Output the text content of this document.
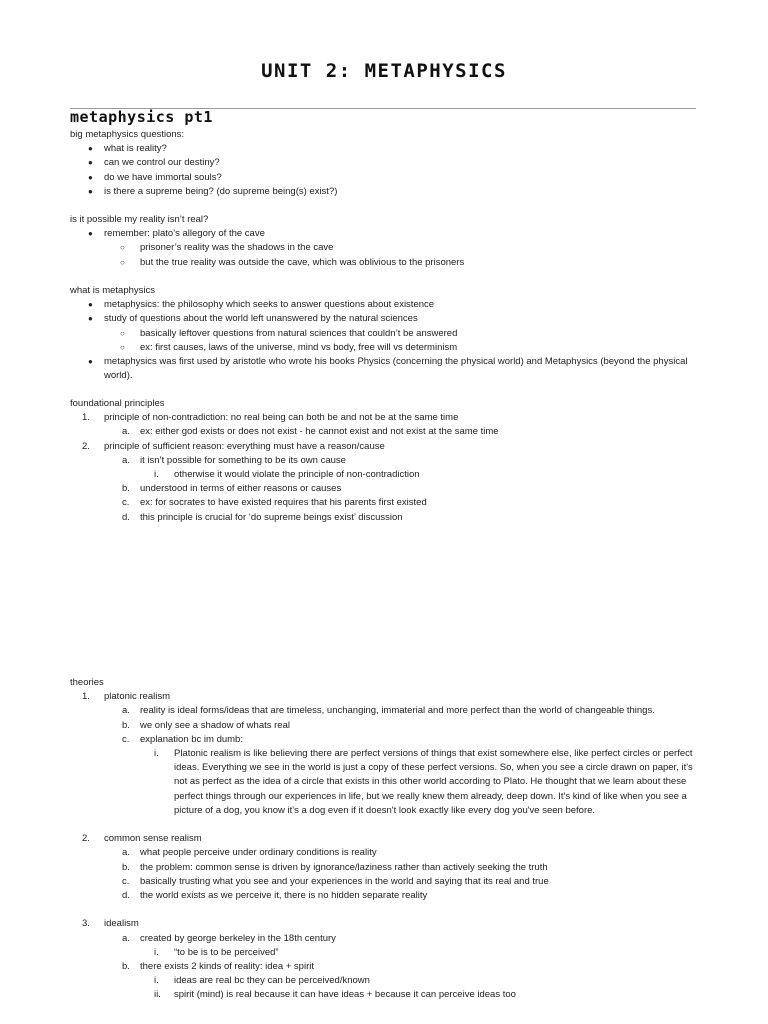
UNIT 2: METAPHYSICS
metaphysics pt1
big metaphysics questions:
● what is reality?
● can we control our destiny?
● do we have immortal souls?
● is there a supreme being? (do supreme being(s) exist?)
is it possible my reality isn’t real?
● remember: plato’s allegory of the cave
○ prisoner’s reality was the shadows in the cave
○ but the true reality was outside the cave, which was oblivious to the prisoners
what is metaphysics
● metaphysics: the philosophy which seeks to answer questions about existence
● study of questions about the world left unanswered by the natural sciences
○ basically leftover questions from natural sciences that couldn’t be answered
○ ex: first causes, laws of the universe, mind vs body, free will vs determinism
● metaphysics was first used by aristotle who wrote his books Physics (concerning the physical world) and Metaphysics (beyond the physical world).
foundational principles
1. principle of non-contradiction: no real being can both be and not be at the same time
a. ex: either god exists or does not exist - he cannot exist and not exist at the same time
2. principle of sufficient reason: everything must have a reason/cause
a. it isn’t possible for something to be its own cause
i. otherwise it would violate the principle of non-contradiction
b. understood in terms of either reasons or causes
c. ex: for socrates to have existed requires that his parents first existed
d. this principle is crucial for ‘do supreme beings exist’ discussion
theories
1. platonic realism
a. reality is ideal forms/ideas that are timeless, unchanging, immaterial and more perfect than the world of changeable things.
b. we only see a shadow of whats real
c. explanation bc im dumb:
i. Platonic realism is like believing there are perfect versions of things that exist somewhere else, like perfect circles or perfect ideas. Everything we see in the world is just a copy of these perfect versions. So, when you see a circle drawn on paper, it's not as perfect as the idea of a circle that exists in this other world according to Plato. He thought that we learn about these perfect things through our experiences in life, but we really knew them already, deep down. It's kind of like when you see a picture of a dog, you know it's a dog even if it doesn't look exactly like every dog you've seen before.
2. common sense realism
a. what people perceive under ordinary conditions is reality
b. the problem: common sense is driven by ignorance/laziness rather than actively seeking the truth
c. basically trusting what you see and your experiences in the world and saying that its real and true
d. the world exists as we perceive it, there is no hidden separate reality
3. idealism
a. created by george berkeley in the 18th century
i. “to be is to be perceived”
b. there exists 2 kinds of reality: idea + spirit
i. ideas are real bc they can be perceived/known
ii. spirit (mind) is real because it can have ideas + because it can perceive ideas too
